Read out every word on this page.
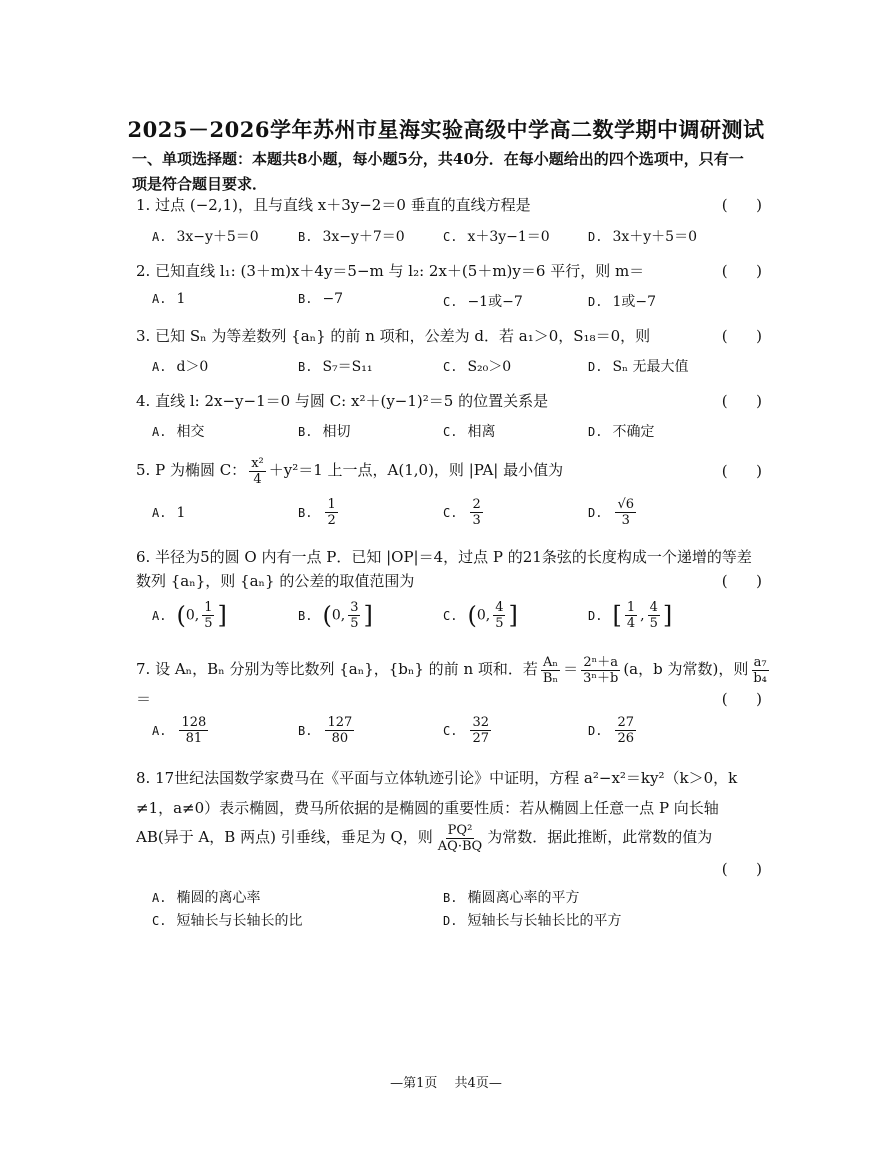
2025－2026学年苏州市星海实验高级中学高二数学期中调研测试
一、单项选择题：本题共8小题，每小题5分，共40分．在每小题给出的四个选项中，只有一
项是符合题目要求．
1. 过点 (−2,1)，且与直线 x＋3y−2＝0 垂直的直线方程是	(      )
A. 3x−y＋5＝0	B. 3x−y＋7＝0	C. x＋3y−1＝0	D. 3x＋y＋5＝0
2. 已知直线 l₁: (3＋m)x＋4y＝5−m 与 l₂: 2x＋(5＋m)y＝6 平行，则 m＝	(      )
A. 1	B. −7	C. −1或−7	D. 1或−7
3. 已知 Sₙ 为等差数列 {aₙ} 的前 n 项和，公差为 d．若 a₁＞0，S₁₈＝0，则	(      )
A. d＞0	B. S₇＝S₁₁	C. S₂₀＞0	D. Sₙ 无最大值
4. 直线 l: 2x−y−1＝0 与圆 C: x²＋(y−1)²＝5 的位置关系是	(      )
A. 相交	B. 相切	C. 相离	D. 不确定
5. P 为椭圆 C： $\frac{\text{x²}}{4} +y^2=1$ 上一点，A(1,0)，则 |PA| 最小值为	(      )
A. 1	B. $\frac{1}{2}$	C. $\frac{2}{3}$	D. $\frac{√6}{3}$
6. 半径为5的圆 O 内有一点 P．已知 |OP|＝4，过点 P 的21条弦的长度构成一个递增的等差
数列 {aₙ}，则 {aₙ} 的公差的取值范围为	(      )
A. (0, $\frac{1}{5}$ ]	B. (0, $\frac{3}{5}$ ]	C. (0, $\frac{4}{5}$ ]	D. [ $\frac{1}{4}$ , $\frac{4}{5}$ ]
7. 设 Aₙ，Bₙ 分别为等比数列 {aₙ}，{bₙ} 的前 n 项和．若 $\frac{\text{Aₙ}}{\text{Bₙ}} = \frac{\text{2ⁿ＋a}}{\text{3ⁿ＋b}} (a$，b 为常数)，则 $\frac{\text{a₇}}{\text{b₄}}$
＝	(      )
A. $\frac{128}{81}$	B. $\frac{127}{80}$	C. $\frac{32}{27}$	D. $\frac{27}{26}$
8. 17世纪法国数学家费马在《平面与立体轨迹引论》中证明，方程 a²−x²＝ky²（k＞0，k
≠1，a≠0）表示椭圆，费马所依据的是椭圆的重要性质：若从椭圆上任意一点 P 向长轴
AB(异于 A，B 两点) 引垂线，垂足为 Q，则 $\frac{\text{PQ²}}{AQ\cdot BQ}$ 为常数．据此推断，此常数的值为
(      )
A. 椭圆的离心率	B. 椭圆离心率的平方
C. 短轴长与长轴长的比	D. 短轴长与长轴长比的平方
—第1页　 共4页—
